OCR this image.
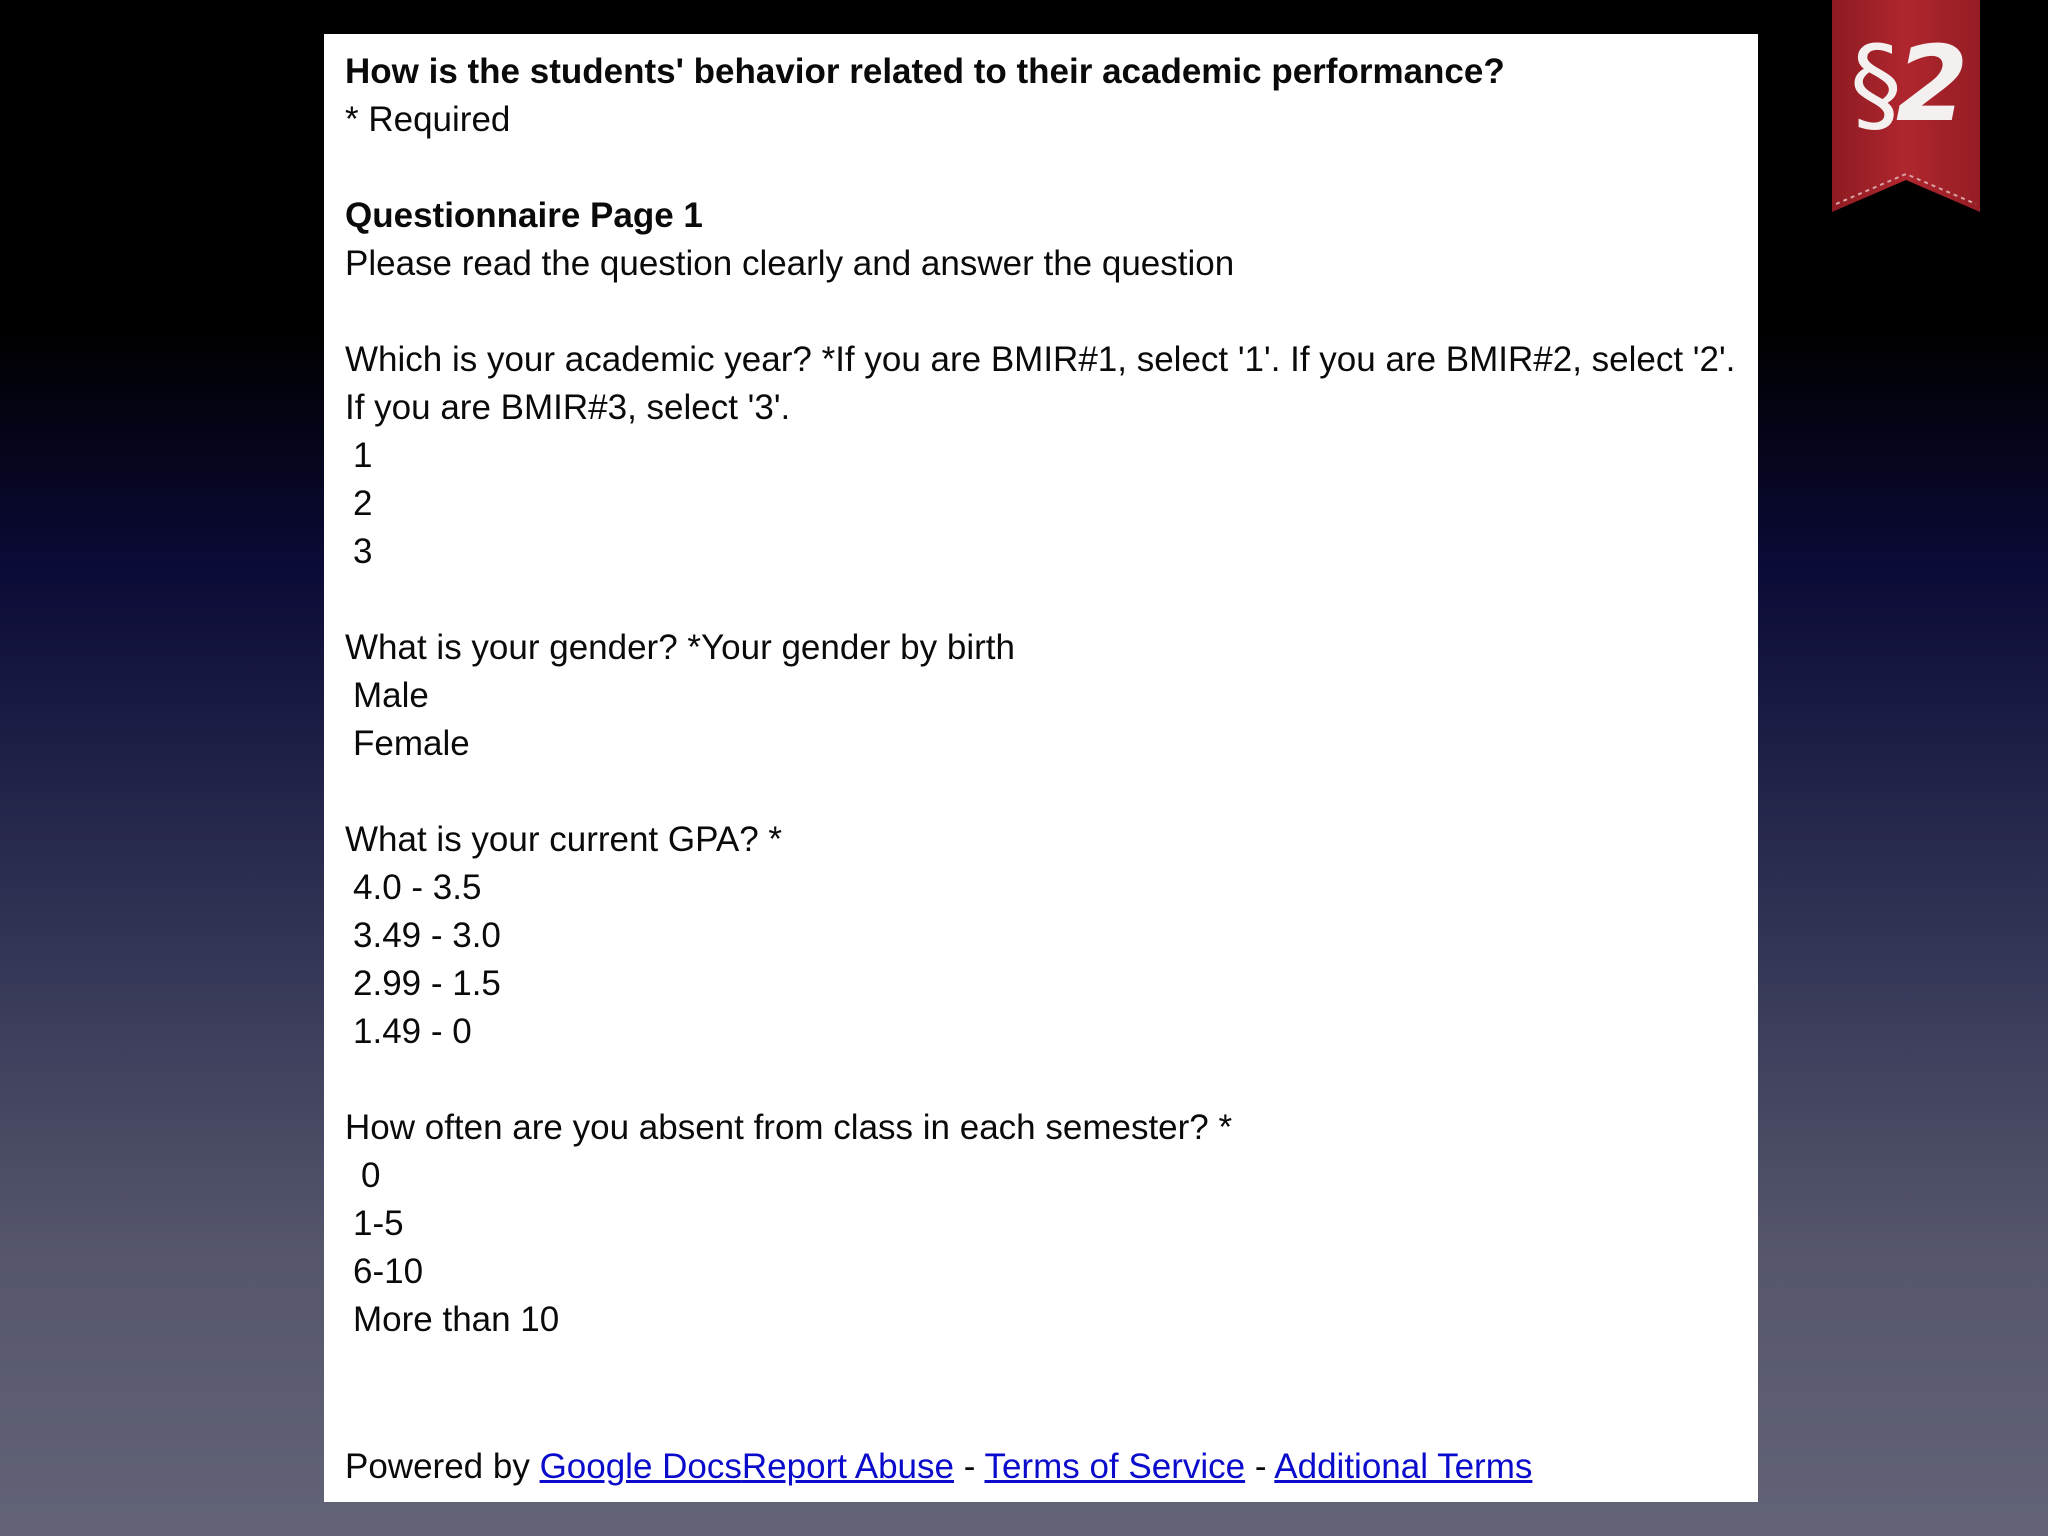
How is the students' behavior related to their academic performance?
* Required
Questionnaire Page 1
Please read the question clearly and answer the question
Which is your academic year? *If you are BMIR#1, select '1'. If you are BMIR#2, select '2'. If you are BMIR#3, select '3'.
1
2
3
What is your gender? *Your gender by birth
Male
Female
What is your current GPA? *
4.0 - 3.5
3.49 - 3.0
2.99 - 1.5
1.49 - 0
How often are you absent from class in each semester? *
0
1-5
6-10
More than 10
Powered by Google DocsReport Abuse - Terms of Service - Additional Terms
§2
